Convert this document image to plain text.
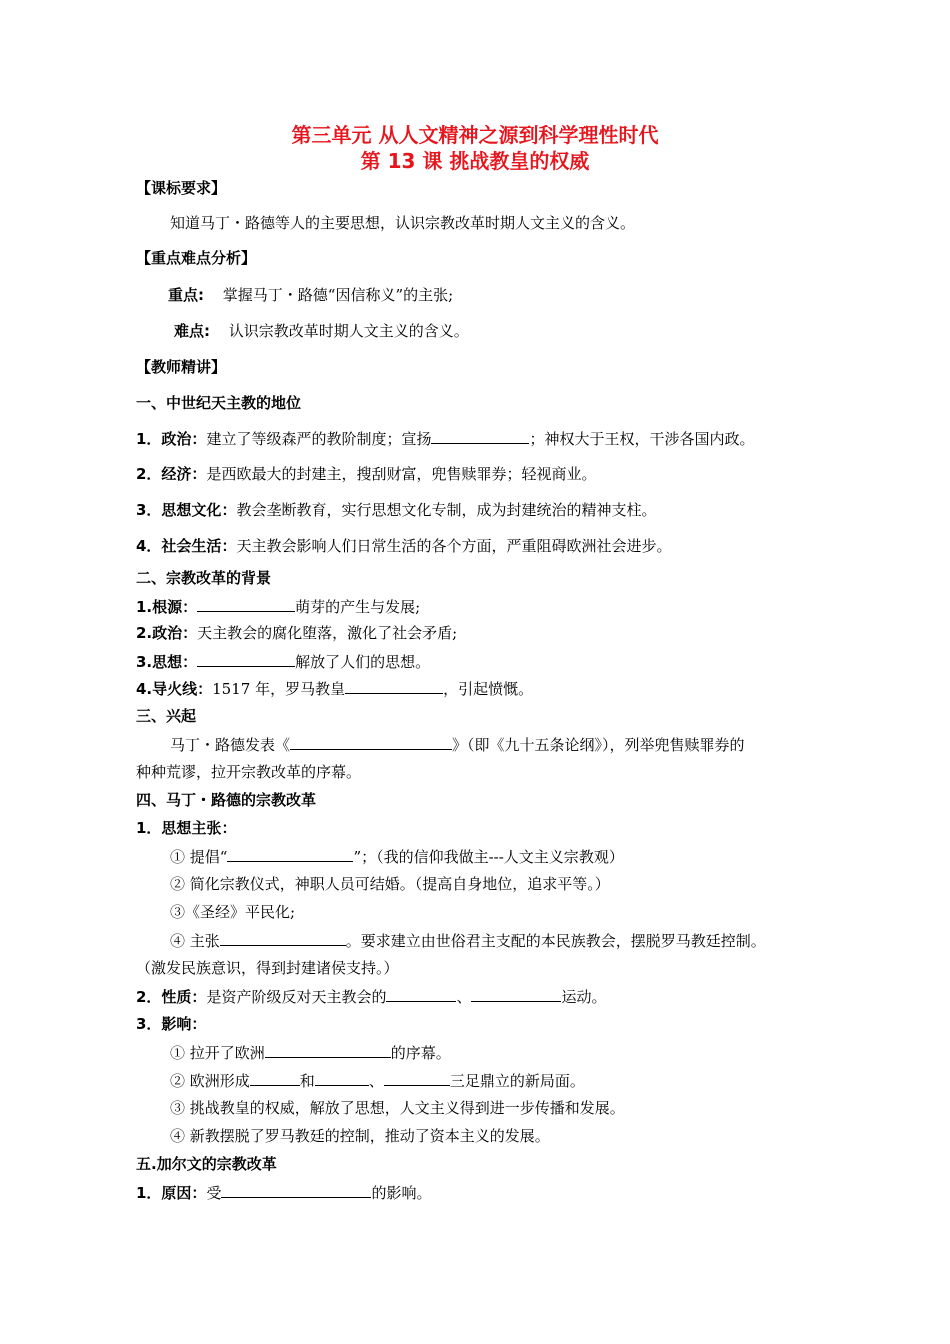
第三单元 从人文精神之源到科学理性时代
第 13 课 挑战教皇的权威
【课标要求】
知道马丁・路德等人的主要思想，认识宗教改革时期人文主义的含义。
【重点难点分析】
重点: 掌握马丁・路德“因信称义”的主张;
难点: 认识宗教改革时期人文主义的含义。
【教师精讲】
一、中世纪天主教的地位
1．政治：建立了等级森严的教阶制度；宣扬	；神权大于王权，干涉各国内政。
2．经济：是西欧最大的封建主，搜刮财富，兜售赎罪券；轻视商业。
3．思想文化：教会垄断教育，实行思想文化专制，成为封建统治的精神支柱。
4．社会生活：天主教会影响人们日常生活的各个方面，严重阻碍欧洲社会进步。
二、宗教改革的背景
1.根源：	萌芽的产生与发展;
2.政治：天主教会的腐化堕落，激化了社会矛盾;
3.思想：	解放了人们的思想。
4.导火线：1517 年，罗马教皇	，引起愤慨。
三、兴起
马丁・路德发表《	》（即《九十五条论纲》），列举兜售赎罪券的
种种荒谬，拉开宗教改革的序幕。
四、马丁・路德的宗教改革
1．思想主张：
① 提倡“	”；（我的信仰我做主---人文主义宗教观）
② 简化宗教仪式，神职人员可结婚。（提高自身地位，追求平等。）
③《圣经》平民化;
④ 主张	。要求建立由世俗君主支配的本民族教会，摆脱罗马教廷控制。
（激发民族意识，得到封建诸侯支持。）
2．性质：是资产阶级反对天主教会的	、	运动。
3．影响：
① 拉开了欧洲	的序幕。
② 欧洲形成	和	、	三足鼎立的新局面。
③ 挑战教皇的权威，解放了思想，人文主义得到进一步传播和发展。
④ 新教摆脱了罗马教廷的控制，推动了资本主义的发展。
五.加尔文的宗教改革
1．原因：受	的影响。
